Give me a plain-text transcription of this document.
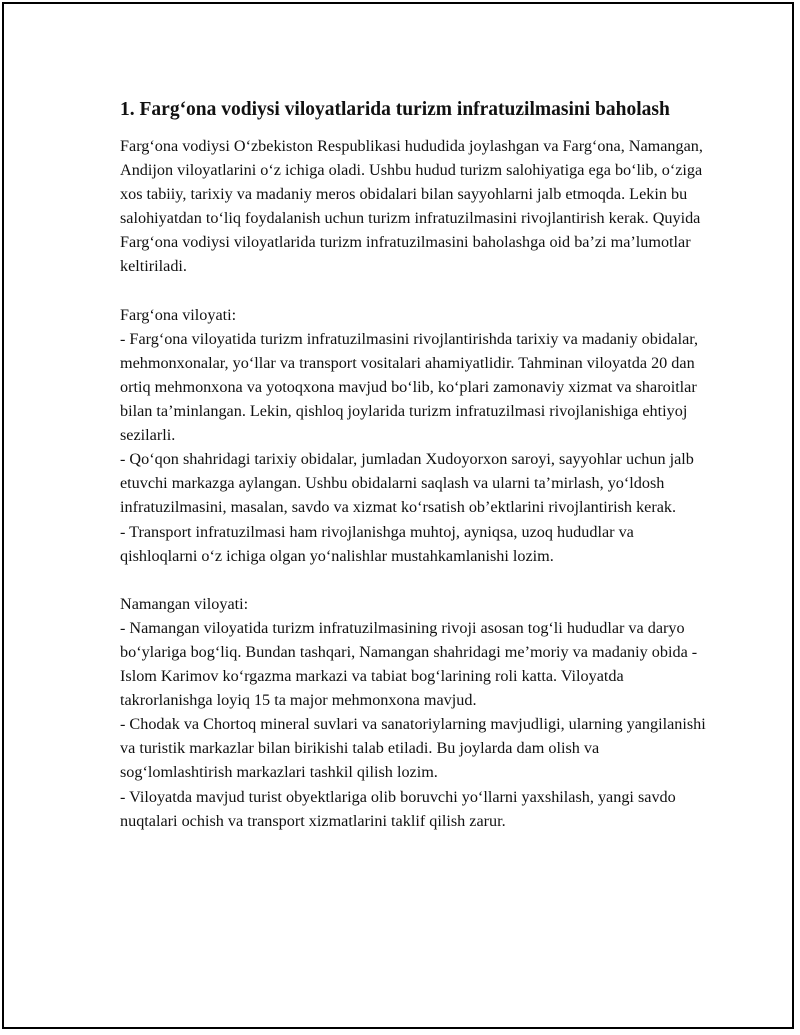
1. Farg‘ona vodiysi viloyatlarida turizm infratuzilmasini baholash

Farg‘ona vodiysi O‘zbekiston Respublikasi hududida joylashgan va Farg‘ona, Namangan, Andijon viloyatlarini o‘z ichiga oladi. Ushbu hudud turizm salohiyatiga ega bo‘lib, o‘ziga xos tabiiy, tarixiy va madaniy meros obidalari bilan sayyohlarni jalb etmoqda. Lekin bu salohiyatdan to‘liq foydalanish uchun turizm infratuzilmasini rivojlantirish kerak. Quyida Farg‘ona vodiysi viloyatlarida turizm infratuzilmasini baholashga oid ba’zi ma’lumotlar keltiriladi.

Farg‘ona viloyati:

- Farg‘ona viloyatida turizm infratuzilmasini rivojlantirishda tarixiy va madaniy obidalar, mehmonxonalar, yo‘llar va transport vositalari ahamiyatlidir. Tahminan viloyatda 20 dan ortiq mehmonxona va yotoqxona mavjud bo‘lib, ko‘plari zamonaviy xizmat va sharoitlar bilan ta’minlangan. Lekin, qishloq joylarida turizm infratuzilmasi rivojlanishiga ehtiyoj sezilarli.

- Qo‘qon shahridagi tarixiy obidalar, jumladan Xudoyorxon saroyi, sayyohlar uchun jalb etuvchi markazga aylangan. Ushbu obidalarni saqlash va ularni ta’mirlash, yo‘ldosh infratuzilmasini, masalan, savdo va xizmat ko‘rsatish ob’ektlarini rivojlantirish kerak.

- Transport infratuzilmasi ham rivojlanishga muhtoj, ayniqsa, uzoq hududlar va qishloqlarni o‘z ichiga olgan yo‘nalishlar mustahkamlanishi lozim.

Namangan viloyati:

- Namangan viloyatida turizm infratuzilmasining rivoji asosan tog‘li hududlar va daryo bo‘ylariga bog‘liq. Bundan tashqari, Namangan shahridagi me’moriy va madaniy obida - Islom Karimov ko‘rgazma markazi va tabiat bog‘larining roli katta. Viloyatda takrorlanishga loyiq 15 ta major mehmonxona mavjud.

- Chodak va Chortoq mineral suvlari va sanatoriylarning mavjudligi, ularning yangilanishi va turistik markazlar bilan birikishi talab etiladi. Bu joylarda dam olish va sog‘lomlashtirish markazlari tashkil qilish lozim.

- Viloyatda mavjud turist obyektlariga olib boruvchi yo‘llarni yaxshilash, yangi savdo nuqtalari ochish va transport xizmatlarini taklif qilish zarur.
